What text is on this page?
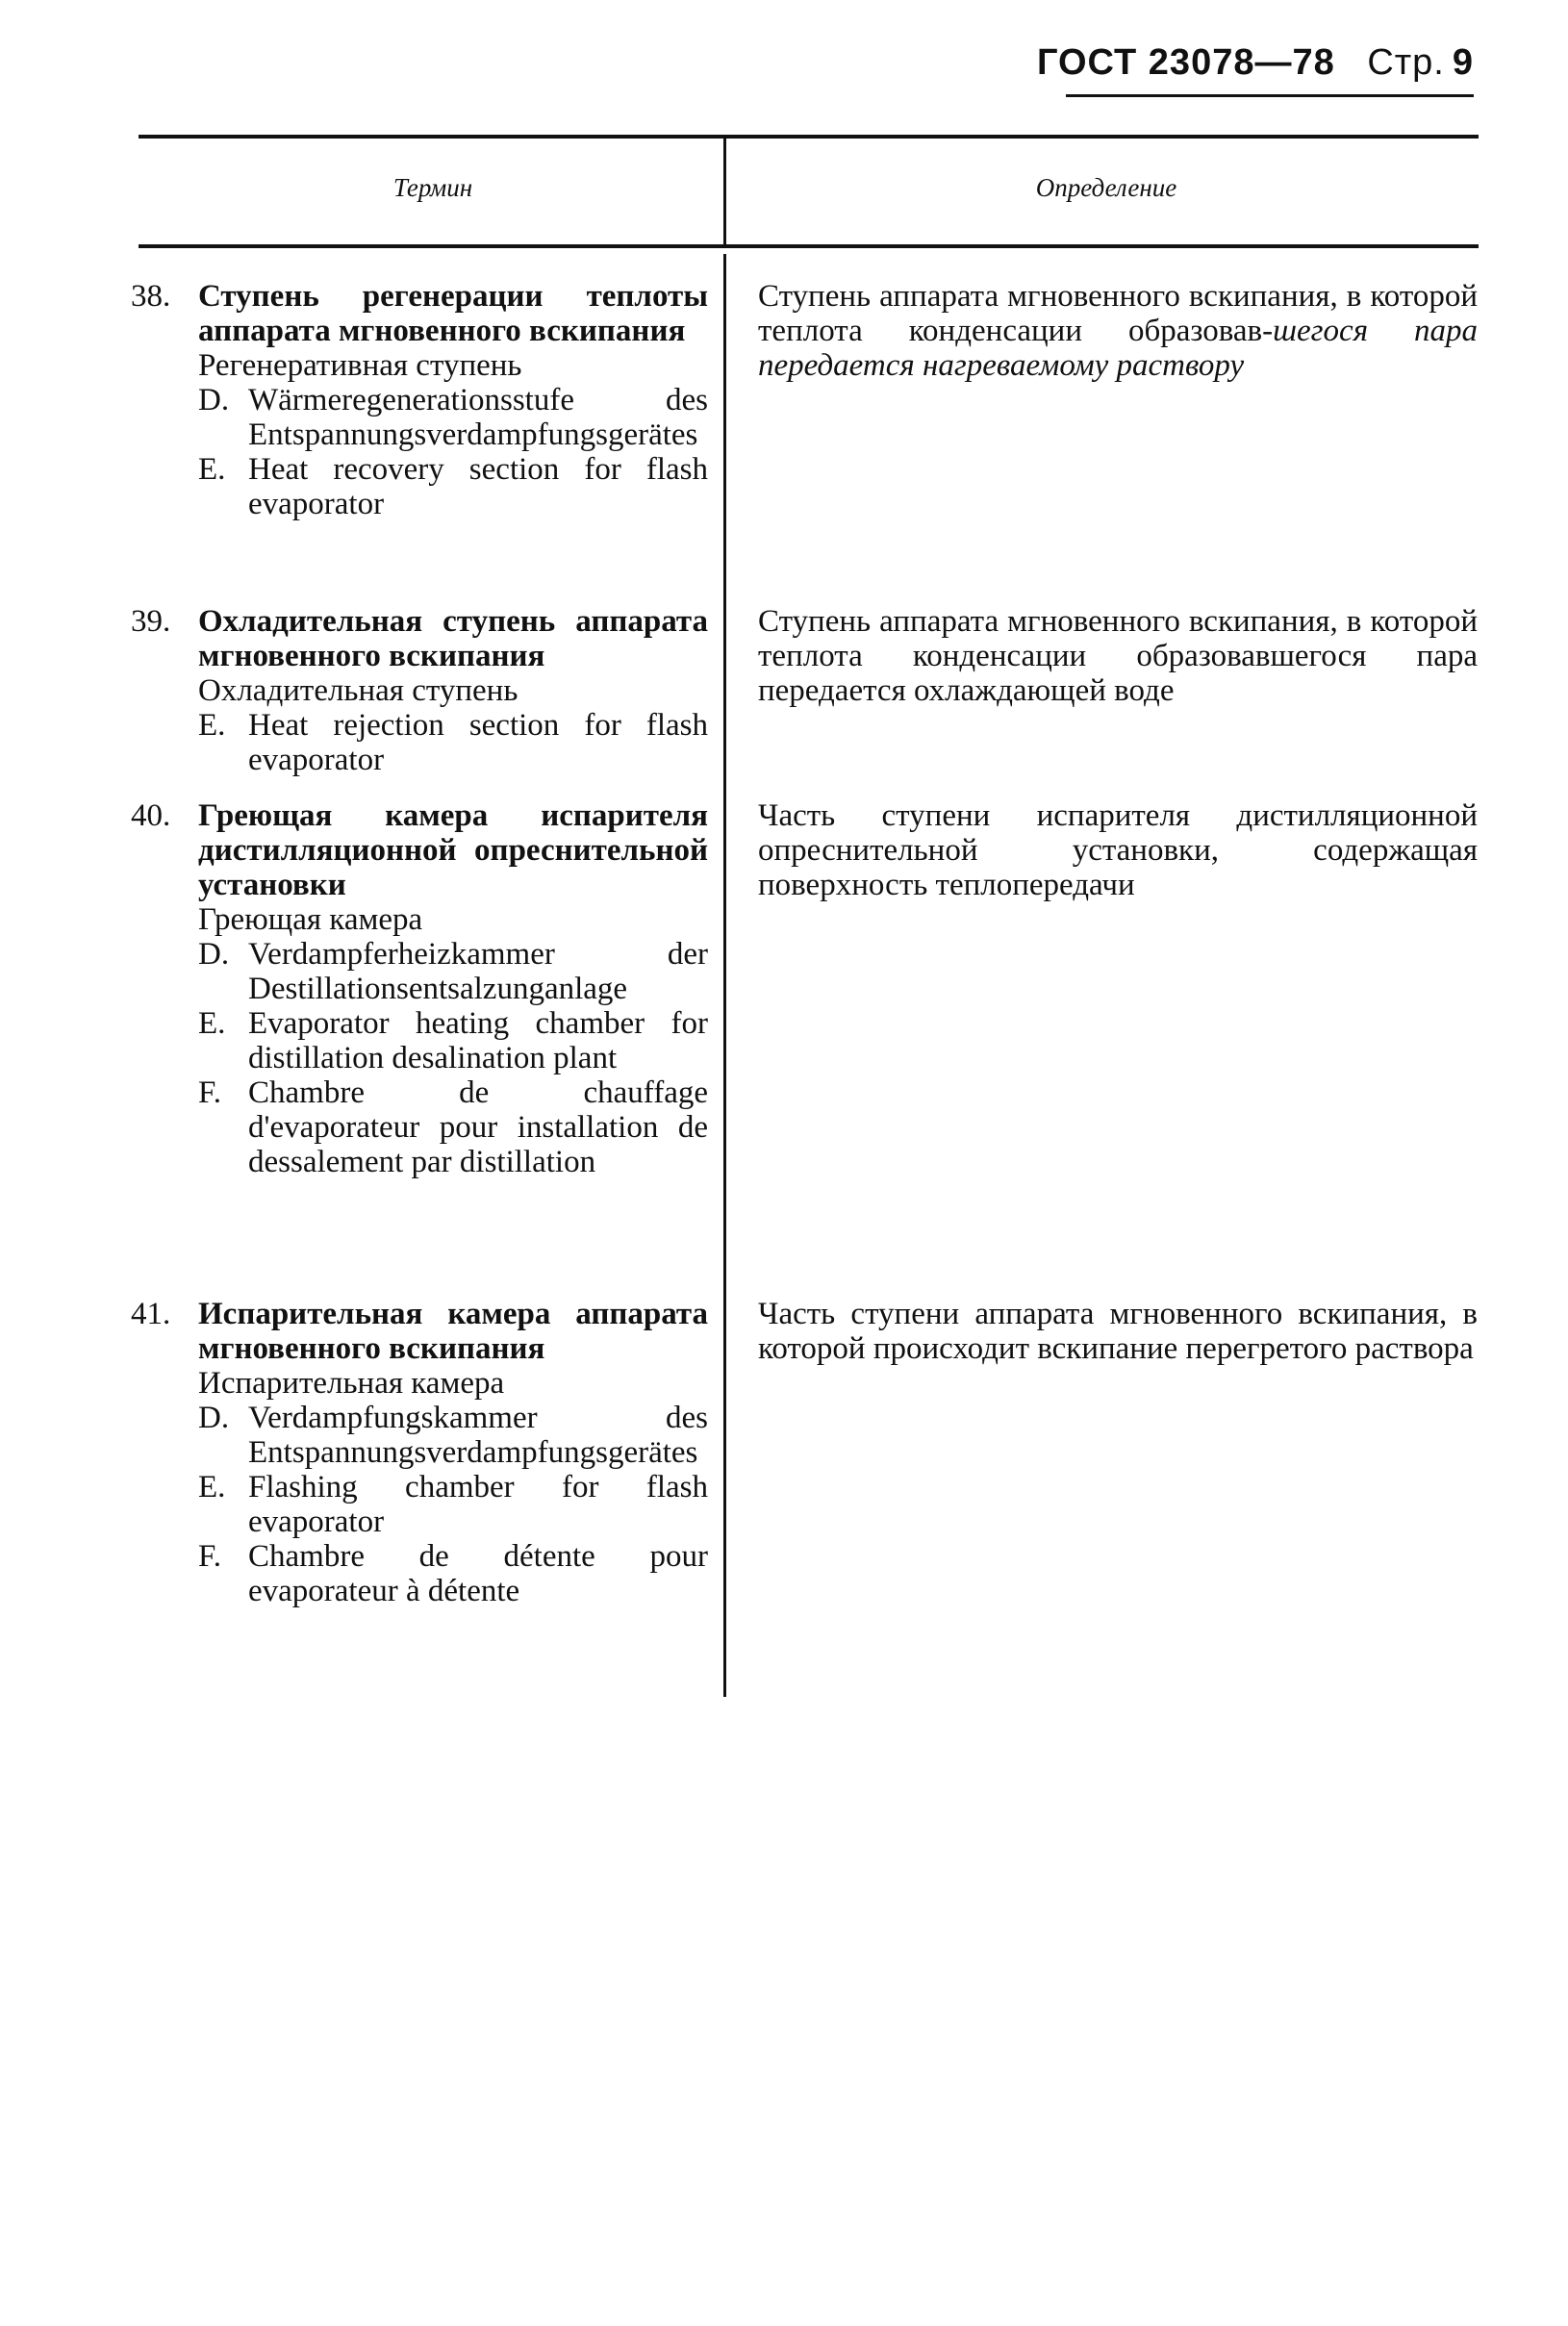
ГОСТ 23078—78 Стр. 9
Термин	Определение
38. Ступень регенерации теплоты аппарата мгновенного вскипания
Регенеративная ступень
D. Wärmeregenerationsstufe des Entspannungsverdampfungsgerätes
E. Heat recovery section for flash evaporator
Ступень аппарата мгновенного вскипания, в которой теплота конденсации образовав-шегося пара передается нагреваемому раствору
39. Охладительная ступень аппарата мгновенного вскипания
Охладительная ступень
E. Heat rejection section for flash evaporator
Ступень аппарата мгновенного вскипания, в которой теплота конденсации образовавшегося пара передается охлаждающей воде
40. Греющая камера испарителя дистилляционной опреснительной установки
Греющая камера
D. Verdampferheizkammer der Destillationsentsalzunganlage
E. Evaporator heating chamber for distillation desalination plant
F. Chambre de chauffage d'evaporateur pour installation de dessalement par distillation
Часть ступени испарителя дистилляционной опреснительной установки, содержащая поверхность теплопередачи
41. Испарительная камера аппарата мгновенного вскипания
Испарительная камера
D. Verdampfungskammer des Entspannungsverdampfungsgerätes
E. Flashing chamber for flash evaporator
F. Chambre de détente pour evaporateur à détente
Часть ступени аппарата мгновенного вскипания, в которой происходит вскипание перегретого раствора
